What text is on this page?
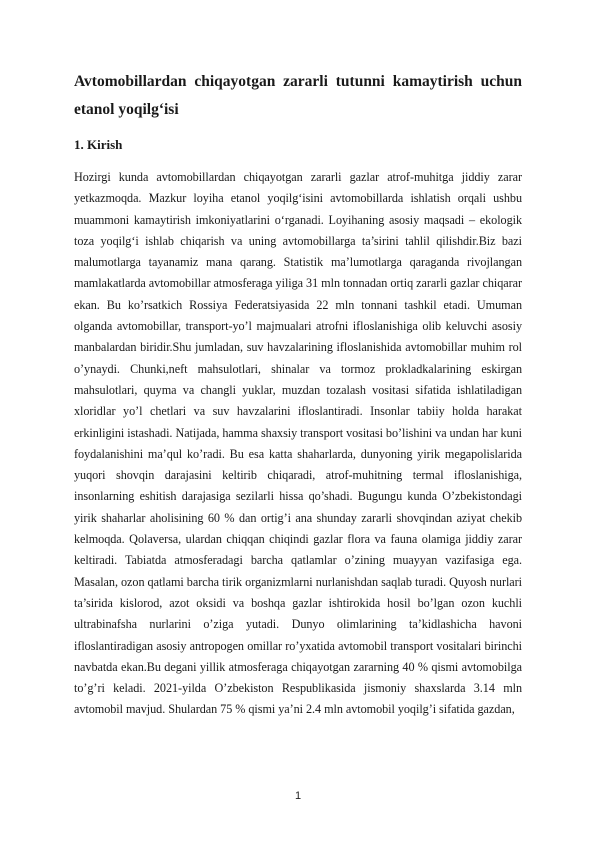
Avtomobillardan chiqayotgan zararli tutunni kamaytirish uchun etanol yoqilg‘isi
1. Kirish

Hozirgi kunda avtomobillardan chiqayotgan zararli gazlar atrof-muhitga jiddiy zarar yetkazmoqda. Mazkur loyiha etanol yoqilg‘isini avtomobillarda ishlatish orqali ushbu muammoni kamaytirish imkoniyatlarini o‘rganadi. Loyihaning asosiy maqsadi – ekologik toza yoqilg‘i ishlab chiqarish va uning avtomobillarga ta’sirini tahlil qilishdir.Biz bazi malumotlarga tayanamiz mana qarang. Statistik ma’lumotlarga qaraganda rivojlangan mamlakatlarda avtomobillar atmosferaga yiliga 31 mln tonnadan ortiq zararli gazlar chiqarar ekan. Bu ko’rsatkich Rossiya Federatsiyasida 22 mln tonnani tashkil etadi. Umuman olganda avtomobillar, transport-yo’l majmualari atrofni ifloslanishiga olib keluvchi asosiy manbalardan biridir.Shu jumladan, suv havzalarining ifloslanishida avtomobillar muhim rol o’ynaydi. Chunki,neft mahsulotlari, shinalar va tormoz prokladkalarining eskirgan mahsulotlari, quyma va changli yuklar, muzdan tozalash vositasi sifatida ishlatiladigan xloridlar yo’l chetlari va suv havzalarini ifloslantiradi. Insonlar tabiiy holda harakat erkinligini istashadi. Natijada, hamma shaxsiy transport vositasi bo’lishini va undan har kuni foydalanishini ma’qul ko’radi. Bu esa katta shaharlarda, dunyoning yirik megapolislarida yuqori shovqin darajasini keltirib chiqaradi, atrof-muhitning termal ifloslanishiga, insonlarning eshitish darajasiga sezilarli hissa qo’shadi. Bugungu kunda O’zbekistondagi yirik shaharlar aholisining 60 % dan ortig’i ana shunday zararli shovqindan aziyat chekib kelmoqda. Qolaversa, ulardan chiqqan chiqindi gazlar flora va fauna olamiga jiddiy zarar keltiradi. Tabiatda atmosferadagi barcha qatlamlar o’zining muayyan vazifasiga ega. Masalan, ozon qatlami barcha tirik organizmlarni nurlanishdan saqlab turadi. Quyosh nurlari ta’sirida kislorod, azot oksidi va boshqa gazlar ishtirokida hosil bo’lgan ozon kuchli ultrabinafsha nurlarini o’ziga yutadi. Dunyo olimlarining ta’kidlashicha havoni ifloslantiradigan asosiy antropogen omillar ro’yxatida avtomobil transport vositalari birinchi navbatda ekan.Bu degani yillik atmosferaga chiqayotgan zararning 40 % qismi avtomobilga to’g’ri keladi. 2021-yilda O’zbekiston Respublikasida jismoniy shaxslarda 3.14 mln avtomobil mavjud. Shulardan 75 % qismi ya’ni 2.4 mln avtomobil yoqilg’i sifatida gazdan,

1
